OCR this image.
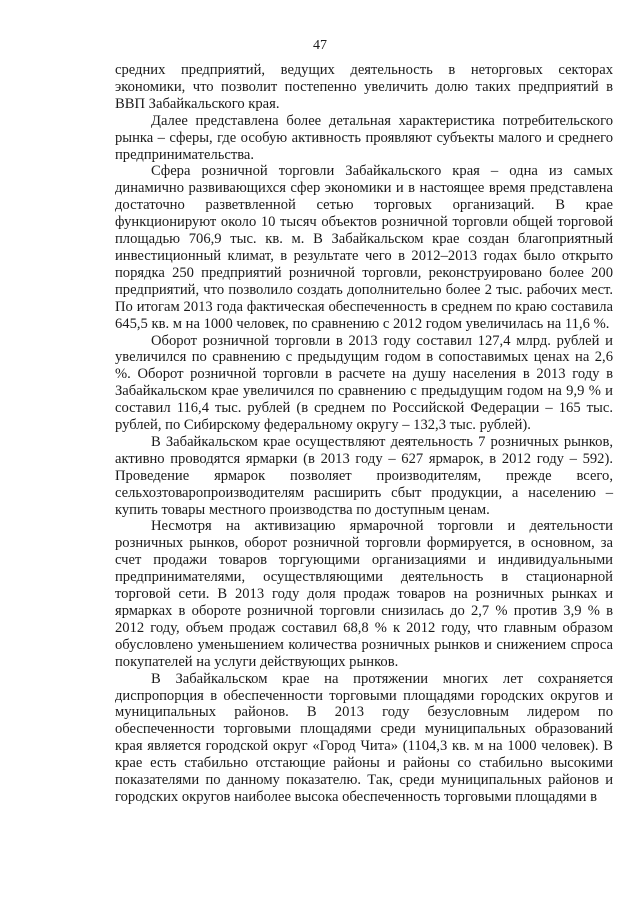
47

средних предприятий, ведущих деятельность в неторговых секторах экономики, что позволит постепенно увеличить долю таких предприятий в ВВП Забайкальского края.

Далее представлена более детальная характеристика потребительского рынка – сферы, где особую активность проявляют субъекты малого и среднего предпринимательства.

Сфера розничной торговли Забайкальского края – одна из самых динамично развивающихся сфер экономики и в настоящее время представлена достаточно разветвленной сетью торговых организаций. В крае функционируют около 10 тысяч объектов розничной торговли общей торговой площадью 706,9 тыс. кв. м. В Забайкальском крае создан благоприятный инвестиционный климат, в результате чего в 2012–2013 годах было открыто порядка 250 предприятий розничной торговли, реконструировано более 200 предприятий, что позволило создать дополнительно более 2 тыс. рабочих мест. По итогам 2013 года фактическая обеспеченность в среднем по краю составила 645,5 кв. м на 1000 человек, по сравнению с 2012 годом увеличилась на 11,6 %.

Оборот розничной торговли в 2013 году составил 127,4 млрд. рублей и увеличился по сравнению с предыдущим годом в сопоставимых ценах на 2,6 %. Оборот розничной торговли в расчете на душу населения в 2013 году в Забайкальском крае увеличился по сравнению с предыдущим годом на 9,9 % и составил 116,4 тыс. рублей (в среднем по Российской Федерации – 165 тыс. рублей, по Сибирскому федеральному округу – 132,3 тыс. рублей).

В Забайкальском крае осуществляют деятельность 7 розничных рынков, активно проводятся ярмарки (в 2013 году – 627 ярмарок, в 2012 году – 592). Проведение ярмарок позволяет производителям, прежде всего, сельхозтоваропроизводителям расширить сбыт продукции, а населению – купить товары местного производства по доступным ценам.

Несмотря на активизацию ярмарочной торговли и деятельности розничных рынков, оборот розничной торговли формируется, в основном, за счет продажи товаров торгующими организациями и индивидуальными предпринимателями, осуществляющими деятельность в стационарной торговой сети. В 2013 году доля продаж товаров на розничных рынках и ярмарках в обороте розничной торговли снизилась до 2,7 % против 3,9 % в 2012 году, объем продаж составил 68,8 % к 2012 году, что главным образом обусловлено уменьшением количества розничных рынков и снижением спроса покупателей на услуги действующих рынков.

В Забайкальском крае на протяжении многих лет сохраняется диспропорция в обеспеченности торговыми площадями городских округов и муниципальных районов. В 2013 году безусловным лидером по обеспеченности торговыми площадями среди муниципальных образований края является городской округ «Город Чита» (1104,3 кв. м на 1000 человек). В крае есть стабильно отстающие районы и районы со стабильно высокими показателями по данному показателю. Так, среди муниципальных районов и городских округов наиболее высока обеспеченность торговыми площадями в
